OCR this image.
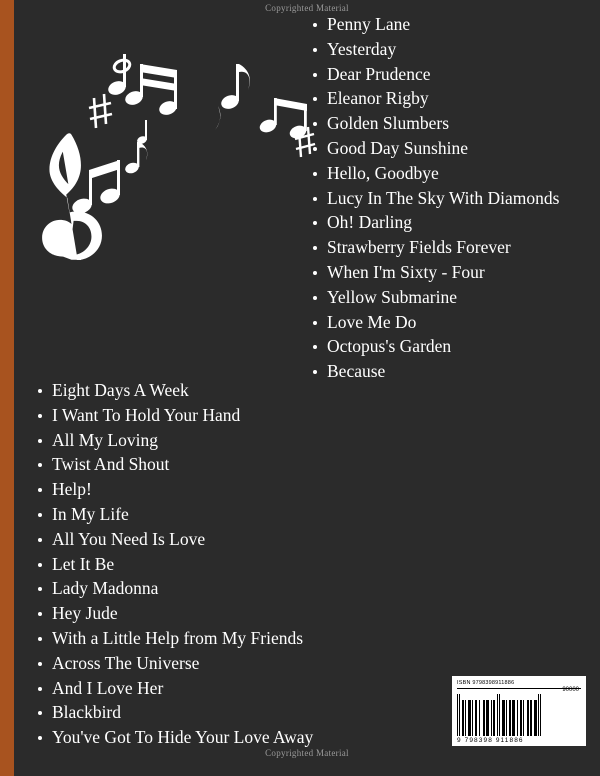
Copyrighted Material
Penny Lane
Yesterday
Dear Prudence
Eleanor Rigby
Golden Slumbers
Good Day Sunshine
Hello, Goodbye
Lucy In The Sky With Diamonds
Oh! Darling
Strawberry Fields Forever
When I'm Sixty - Four
Yellow Submarine
Love Me Do
Octopus's Garden
Because
Eight Days A Week
I Want To Hold Your Hand
All My Loving
Twist And Shout
Help!
In My Life
All You Need Is Love
Let It Be
Lady Madonna
Hey Jude
With a Little Help from My Friends
Across The Universe
And I Love Her
Blackbird
You've Got To Hide Your Love Away
ISBN 9798398911886
90000
9 798398 911886
Copyrighted Material
